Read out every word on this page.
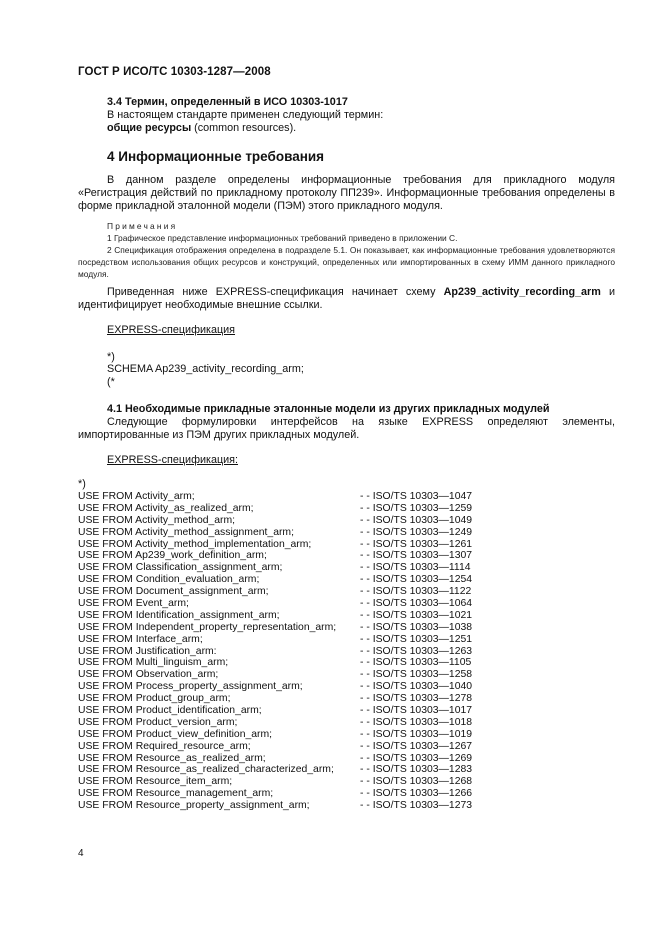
ГОСТ Р ИСО/ТС 10303-1287—2008
3.4 Термин, определенный в ИСО 10303-1017
В настоящем стандарте применен следующий термин:
общие ресурсы (common resources).
4 Информационные требования
В данном разделе определены информационные требования для прикладного модуля «Регистрация действий по прикладному протоколу ПП239». Информационные требования определены в форме прикладной эталонной модели (ПЭМ) этого прикладного модуля.
Примечания
1 Графическое представление информационных требований приведено в приложении С.
2 Спецификация отображения определена в подразделе 5.1. Он показывает, как информационные требования удовлетворяются посредством использования общих ресурсов и конструкций, определенных или импортированных в схему ИММ данного прикладного модуля.
Приведенная ниже EXPRESS-спецификация начинает схему Ap239_activity_recording_arm и идентифицирует необходимые внешние ссылки.
EXPRESS-спецификация
*)
SCHEMA Ap239_activity_recording_arm;
(*
4.1 Необходимые прикладные эталонные модели из других прикладных модулей
Следующие формулировки интерфейсов на языке EXPRESS определяют элементы, импортированные из ПЭМ других прикладных модулей.
EXPRESS-спецификация:
*)
USE FROM Activity_arm;	- - ISO/TS 10303—1047
USE FROM Activity_as_realized_arm;	- - ISO/TS 10303—1259
USE FROM Activity_method_arm;	- - ISO/TS 10303—1049
USE FROM Activity_method_assignment_arm;	- - ISO/TS 10303—1249
USE FROM Activity_method_implementation_arm;	- - ISO/TS 10303—1261
USE FROM Ap239_work_definition_arm;	- - ISO/TS 10303—1307
USE FROM Classification_assignment_arm;	- - ISO/TS 10303—1114
USE FROM Condition_evaluation_arm;	- - ISO/TS 10303—1254
USE FROM Document_assignment_arm;	- - ISO/TS 10303—1122
USE FROM Event_arm;	- - ISO/TS 10303—1064
USE FROM Identification_assignment_arm;	- - ISO/TS 10303—1021
USE FROM Independent_property_representation_arm; - - ISO/TS 10303—1038
USE FROM Interface_arm;	- - ISO/TS 10303—1251
USE FROM Justification_arm:	- - ISO/TS 10303—1263
USE FROM Multi_linguism_arm;	- - ISO/TS 10303—1105
USE FROM Observation_arm;	- - ISO/TS 10303—1258
USE FROM Process_property_assignment_arm;	- - ISO/TS 10303—1040
USE FROM Product_group_arm;	- - ISO/TS 10303—1278
USE FROM Product_identification_arm;	- - ISO/TS 10303—1017
USE FROM Product_version_arm;	- - ISO/TS 10303—1018
USE FROM Product_view_definition_arm;	- - ISO/TS 10303—1019
USE FROM Required_resource_arm;	- - ISO/TS 10303—1267
USE FROM Resource_as_realized_arm;	- - ISO/TS 10303—1269
USE FROM Resource_as_realized_characterized_arm;	- - ISO/TS 10303—1283
USE FROM Resource_item_arm;	- - ISO/TS 10303—1268
USE FROM Resource_management_arm;	- - ISO/TS 10303—1266
USE FROM Resource_property_assignment_arm;	- - ISO/TS 10303—1273
4
